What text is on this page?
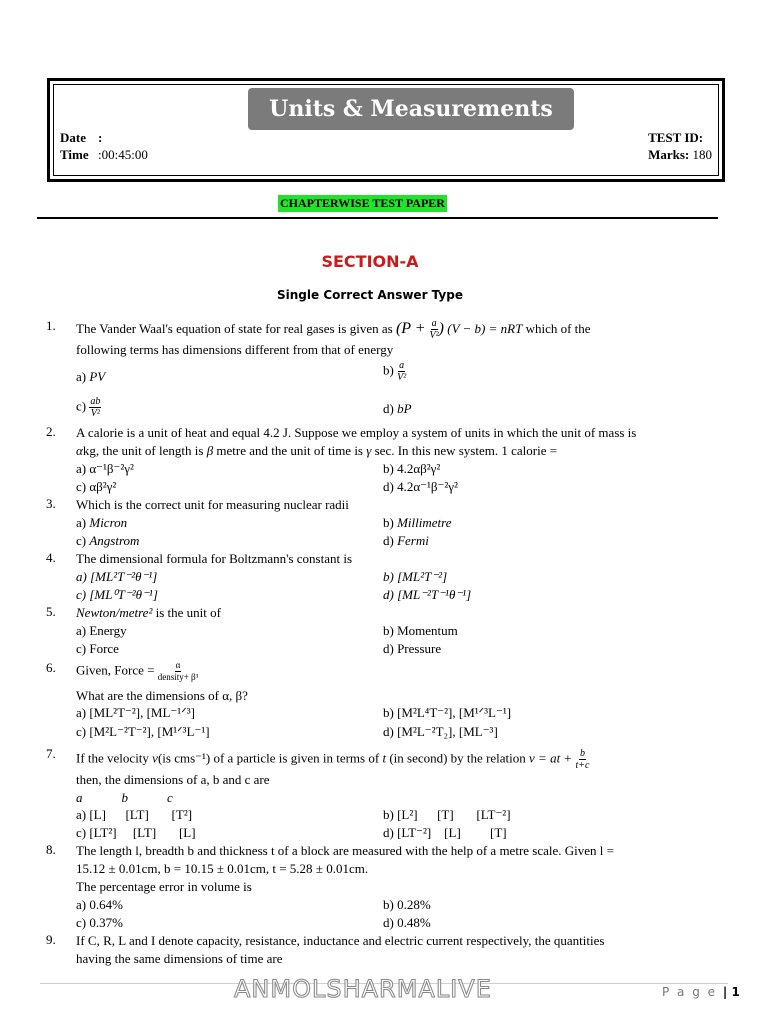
Units & Measurements
Date :
Time :00:45:00
TEST ID:
Marks: 180
CHAPTERWISE TEST PAPER
SECTION-A
Single Correct Answer Type
1. The Vander Waal's equation of state for real gases is given as ($P + \frac{a}{\text{V²}}$ ) (V − b) = nRT which of the
following terms has dimensions different from that of energy
a) PV	$b) \frac{a}{\text{V²}}$
$c) \frac{ab}{\text{V²}}$	d) bP
2. A calorie is a unit of heat and equal 4.2 J. Suppose we employ a system of units in which the unit of mass is
αkg, the unit of length is β metre and the unit of time is γ sec. In this new system. 1 calorie =
a) α⁻¹β⁻²γ²	b) 4.2αβ²γ²
c) αβ²γ²	d) 4.2α⁻¹β⁻²γ²
3. Which is the correct unit for measuring nuclear radii
a) Micron	b) Millimetre
c) Angstrom	d) Fermi
4. The dimensional formula for Boltzmann's constant is
a) [ML²T⁻²θ⁻¹]	b) [ML²T⁻²]
c) [ML⁰T⁻²θ⁻¹]	d) [ML⁻²T⁻¹θ⁻¹]
5. Newton/metre² is the unit of
a) Energy	b) Momentum
c) Force	d) Pressure
6. Given, Force = $\frac{\alpha}{\text{density+ β³}}$
What are the dimensions of α, β?
a) [ML²T⁻²], [ML⁻¹ᐟ³]	b) [M²L⁴T⁻²], [M¹ᐟ³L⁻¹]
c) [M²L⁻²T⁻²], [M¹ᐟ³L⁻¹]	d) [M²L⁻²T₂], [ML⁻³]
7. If the velocity v(is cms⁻¹) of a particle is given in terms of t (in second) by the relation v = at + $\frac{b}{t+c}$
then, the dimensions of a, b and c are
a            b            c
a) [L]      [LT]       [T²]	b) [L²]      [T]       [LT⁻²]
c) [LT²]     [LT]       [L]	d) [LT⁻²]    [L]         [T]
8. The length l, breadth b and thickness t of a block are measured with the help of a metre scale. Given l =
15.12 ± 0.01cm, b = 10.15 ± 0.01cm, t = 5.28 ± 0.01cm.
The percentage error in volume is
a) 0.64%	b) 0.28%
c) 0.37%	d) 0.48%
9. If C, R, L and I denote capacity, resistance, inductance and electric current respectively, the quantities
having the same dimensions of time are
ANMOLSHARMALIVE	P a g e | 1
